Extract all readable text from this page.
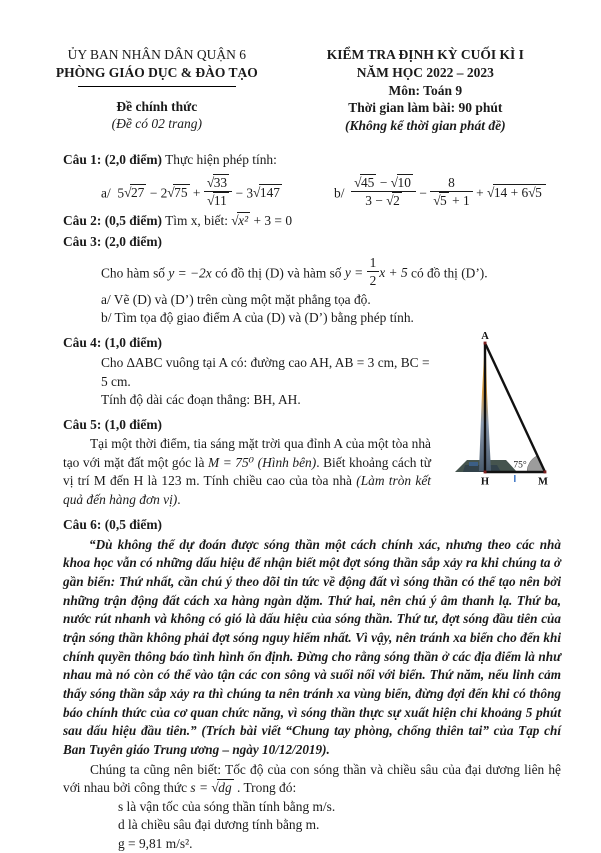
ỦY BAN NHÂN DÂN QUẬN 6
PHÒNG GIÁO DỤC & ĐÀO TẠO
Đề chính thức
(Đề có 02 trang)
KIỂM TRA ĐỊNH KỲ CUỐI KÌ I
NĂM HỌC 2022 – 2023
Môn: Toán 9
Thời gian làm bài: 90 phút
(Không kể thời gian phát đề)

Câu 1: (2,0 điểm) Thực hiện phép tính:

a/ $5√27 - 2√75 + \frac{√33}{√11} - 3√147$	$b/ \frac{√45 - √10}{3 - √2} - \frac{8}{√5 + 1} + √14 + 6√5$

Câu 2: (0,5 điểm) Tìm x, biết: √x² + 3 = 0

Câu 3: (2,0 điểm)

Cho hàm số y = −2x có đồ thị (D) và hàm số $y = \frac{1}{2}$ x + 5 có đồ thị (D’).

a/ Vẽ (D) và (D’) trên cùng một mặt phẳng tọa độ.

b/ Tìm tọa độ giao điểm A của (D) và (D’) bằng phép tính.

A
H	M
75°

Câu 4: (1,0 điểm)

Cho ∆ABC vuông tại A có: đường cao AH, AB = 3 cm, BC = 5 cm.

Tính độ dài các đoạn thẳng: BH, AH.

Câu 5: (1,0 điểm)

Tại một thời điểm, tia sáng mặt trời qua đỉnh A của một tòa nhà tạo với mặt đất một góc là M = 75⁰ (Hình bên). Biết khoảng cách từ vị trí M đến H là 123 m. Tính chiều cao của tòa nhà (Làm tròn kết quả đến hàng đơn vị).

Câu 6: (0,5 điểm)

“Dù không thể dự đoán được sóng thần một cách chính xác, nhưng theo các nhà khoa học vẫn có những dấu hiệu để nhận biết một đợt sóng thần sắp xảy ra khi chúng ta ở gần biển: Thứ nhất, cần chú ý theo dõi tin tức về động đất vì sóng thần có thể tạo nên bởi những trận động đất cách xa hàng ngàn dặm. Thứ hai, nên chú ý âm thanh lạ. Thứ ba, nước rút nhanh và không có gió là dấu hiệu của sóng thần. Thứ tư, đợt sóng đầu tiên của trận sóng thần không phải đợt sóng nguy hiểm nhất. Vì vậy, nên tránh xa biển cho đến khi chính quyền thông báo tình hình ổn định. Đừng cho rằng sóng thần ở các địa điểm là như nhau mà nó còn có thể vào tận các con sông và suối nối với biển. Thứ năm, nếu linh cảm thấy sóng thần sắp xảy ra thì chúng ta nên tránh xa vùng biển, đừng đợi đến khi có thông báo chính thức của cơ quan chức năng, vì sóng thần thực sự xuất hiện chỉ khoảng 5 phút sau dấu hiệu đầu tiên.” (Trích bài viết “Chung tay phòng, chống thiên tai” của Tạp chí Ban Tuyên giáo Trung ương – ngày 10/12/2019).

Chúng ta cũng nên biết: Tốc độ của con sóng thần và chiều sâu của đại dương liên hệ với nhau bởi công thức s = √dg . Trong đó:

s là vận tốc của sóng thần tính bằng m/s.

d là chiều sâu đại dương tính bằng m.

g = 9,81 m/s².
